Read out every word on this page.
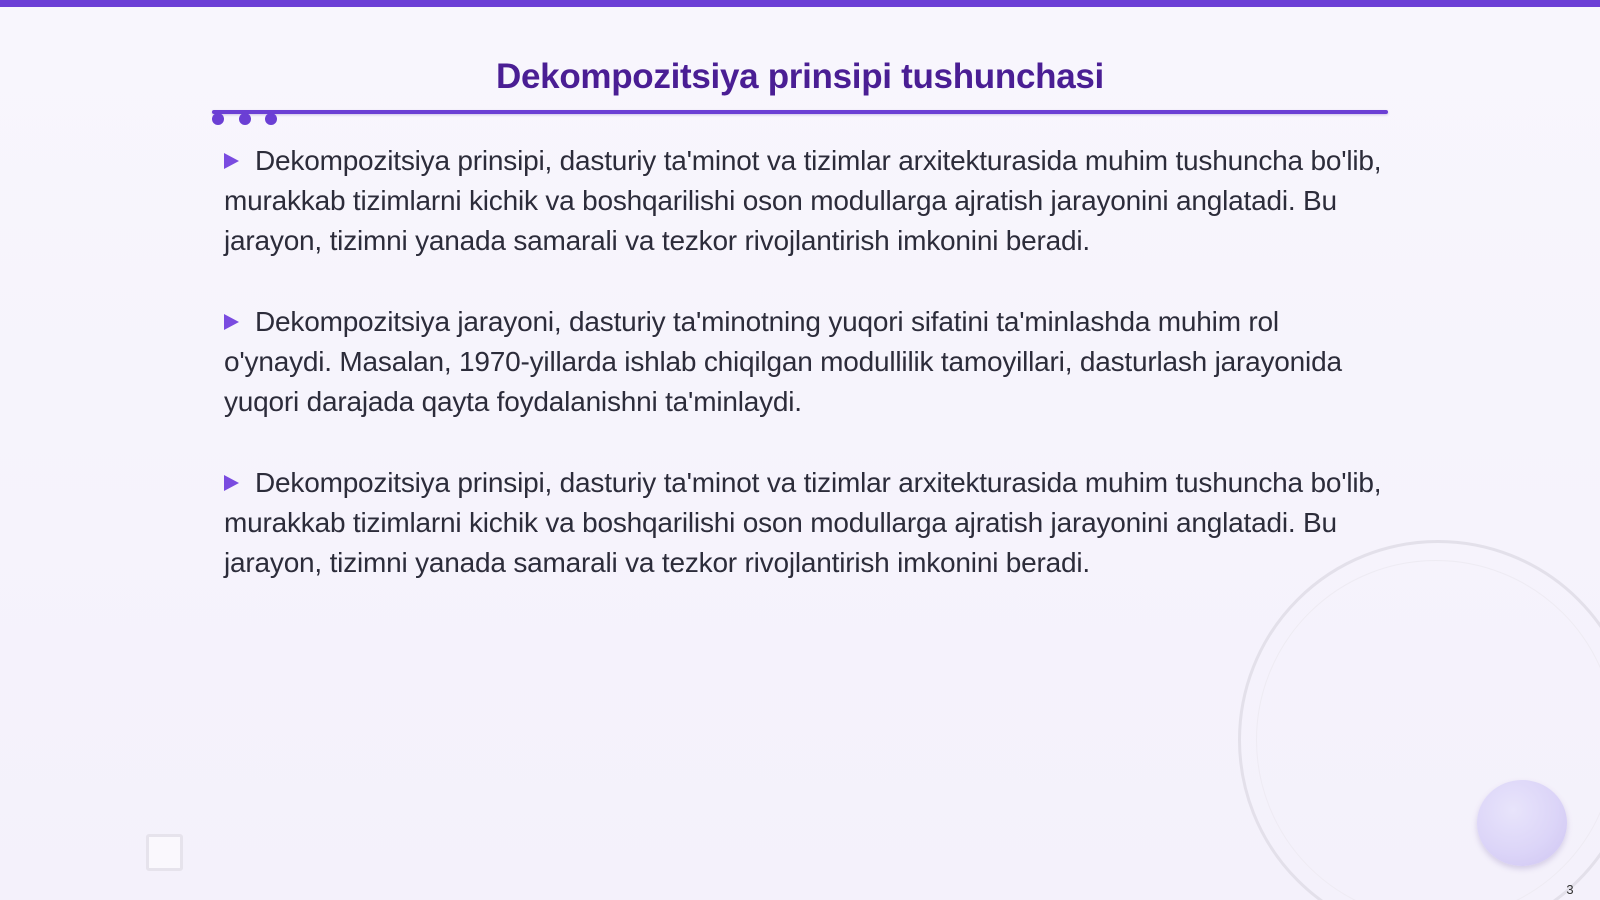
Dekompozitsiya prinsipi tushunchasi
Dekompozitsiya prinsipi, dasturiy ta'minot va tizimlar arxitekturasida muhim tushuncha bo'lib, murakkab tizimlarni kichik va boshqarilishi oson modullarga ajratish jarayonini anglatadi. Bu jarayon, tizimni yanada samarali va tezkor rivojlantirish imkonini beradi.
Dekompozitsiya jarayoni, dasturiy ta'minotning yuqori sifatini ta'minlashda muhim rol o'ynaydi. Masalan, 1970-yillarda ishlab chiqilgan modullilik tamoyillari, dasturlash jarayonida yuqori darajada qayta foydalanishni ta'minlaydi.
Dekompozitsiya prinsipi, dasturiy ta'minot va tizimlar arxitekturasida muhim tushuncha bo'lib, murakkab tizimlarni kichik va boshqarilishi oson modullarga ajratish jarayonini anglatadi. Bu jarayon, tizimni yanada samarali va tezkor rivojlantirish imkonini beradi.
3
